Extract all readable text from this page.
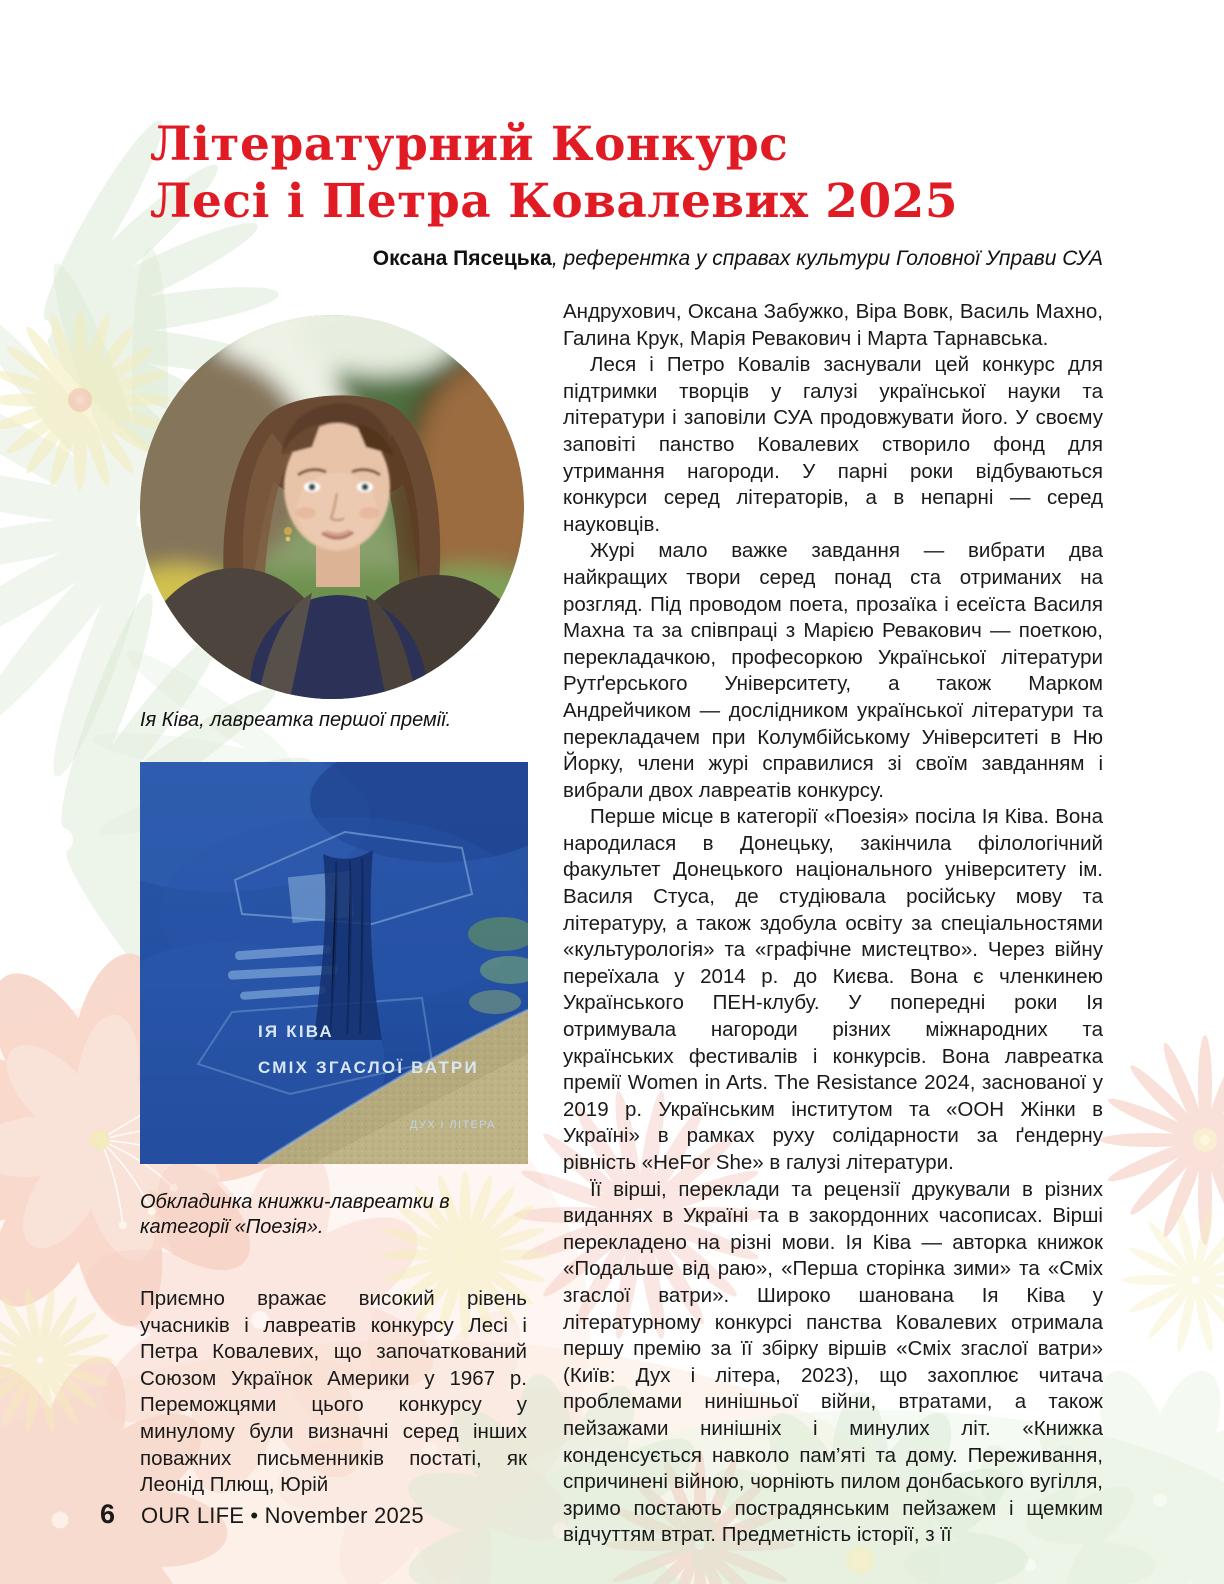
Літературний Конкурс
Лесі і Петра Ковалевих 2025
Оксана Пясецька, референтка у справах культури Головної Управи СУА

Ія Ківа, лавреатка першої премії.

ІЯ КІВА
СМІХ ЗГАСЛОЇ ВАТРИ
ДУХ І ЛІТЕРА

Обкладинка книжки-лавреатки в категорії «Поезія».

Приємно вражає високий рівень учасників і лавреатів конкурсу Лесі і Петра Ковалевих, що започаткований Союзом Українок Америки у 1967 р. Переможцями цього конкурсу у минулому були визначні серед інших поважних письменників постаті, як Леонід Плющ, Юрій

Андрухович, Оксана Забужко, Віра Вовк, Василь Махно, Галина Крук, Марія Ревакович і Марта Тарнавська.

Леся і Петро Ковалів заснували цей конкурс для підтримки творців у галузі української науки та літератури і заповіли СУА продовжувати його. У своєму заповіті панство Ковалевих створило фонд для утримання нагороди. У парні роки відбуваються конкурси серед літераторів, а в непарні — серед науковців.

Журі мало важке завдання — вибрати два найкращих твори серед понад ста отриманих на розгляд. Під проводом поета, прозаїка і есеїста Василя Махна та за співпраці з Марією Ревакович — поеткою, перекладачкою, професоркою Української літератури Рутґерського Університету, а також Марком Андрейчиком — дослідником української літератури та перекладачем при Колумбійському Університеті в Ню Йорку, члени журі справилися зі своїм завданням і вибрали двох лавреатів конкурсу.

Перше місце в категорії «Поезія» посіла Ія Ківа. Вона народилася в Донецьку, закінчила філологічний факультет Донецького національного університету ім. Василя Стуса, де студіювала російську мову та літературу, а також здобула освіту за спеціальностями «культурологія» та «графічне мистецтво». Через війну переїхала у 2014 р. до Києва. Вона є членкинею Українського ПЕН-клубу. У попередні роки Ія отримувала нагороди різних міжнародних та українських фестивалів і конкурсів. Вона лавреатка премії Women in Arts. The Resistance 2024, заснованої у 2019 р. Українським інститутом та «ООН Жінки в Україні» в рамках руху солідарности за ґендерну рівність «HeFor She» в галузі літератури.

Її вірші, переклади та рецензії друкували в різних виданнях в Україні та в закордонних часописах. Вірші перекладено на різні мови. Ія Ківа — авторка книжок «Подальше від раю», «Перша сторінка зими» та «Сміх згаслої ватри». Широко шанована Ія Ківа у літературному конкурсі панства Ковалевих отримала першу премію за її збірку віршів «Сміх згаслої ватри» (Київ: Дух і літера, 2023), що захоплює читача проблемами нинішньої війни, втратами, а також пейзажами нинішніх і минулих літ. «Книжка конденсується навколо пам’яті та дому. Переживання, спричинені війною, чорніють пилом донбаського вугілля, зримо постають пострадянським пейзажем і щемким відчуттям втрат. Предметність історії, з її

6 OUR LIFE • November 2025
